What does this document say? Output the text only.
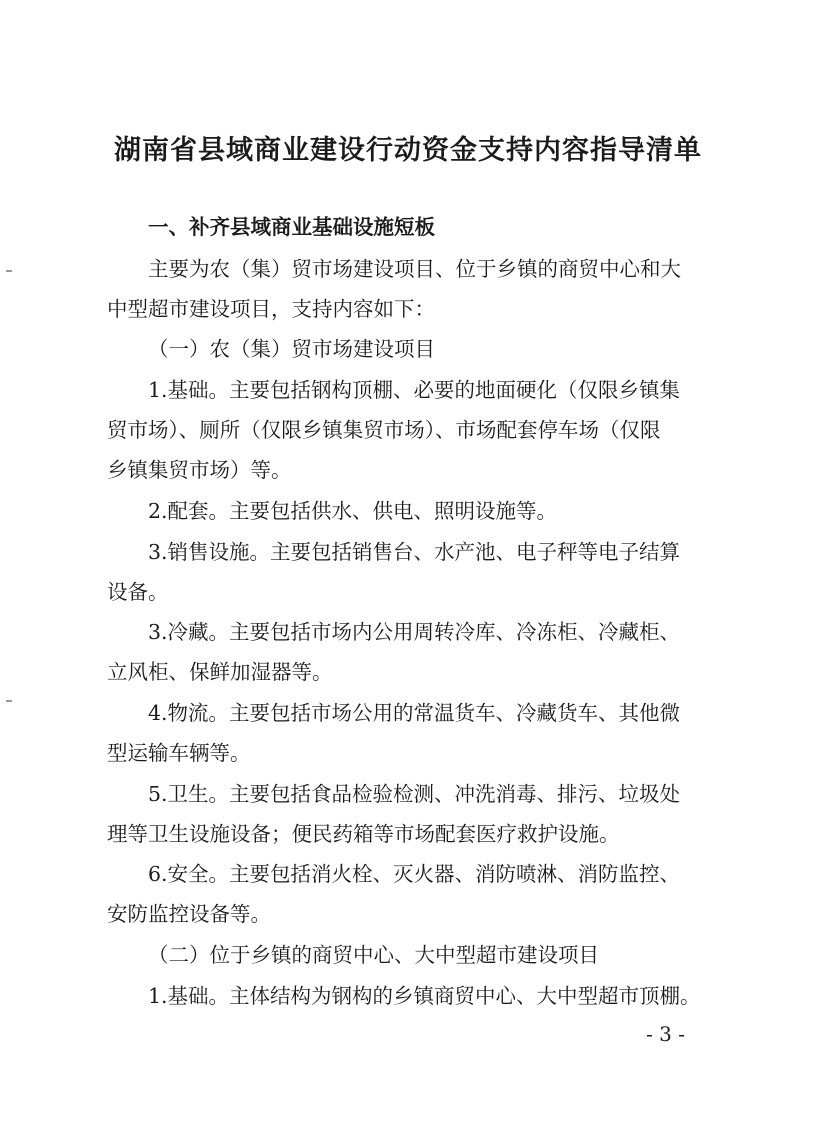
湖南省县域商业建设行动资金支持内容指导清单
一、补齐县域商业基础设施短板
主要为农（集）贸市场建设项目、位于乡镇的商贸中心和大
中型超市建设项目，支持内容如下：
（一）农（集）贸市场建设项目
1.基础。主要包括钢构顶棚、必要的地面硬化（仅限乡镇集
贸市场）、厕所（仅限乡镇集贸市场）、市场配套停车场（仅限
乡镇集贸市场）等。
2.配套。主要包括供水、供电、照明设施等。
3.销售设施。主要包括销售台、水产池、电子秤等电子结算
设备。
3.冷藏。主要包括市场内公用周转冷库、冷冻柜、冷藏柜、
立风柜、保鲜加湿器等。
4.物流。主要包括市场公用的常温货车、冷藏货车、其他微
型运输车辆等。
5.卫生。主要包括食品检验检测、冲洗消毒、排污、垃圾处
理等卫生设施设备；便民药箱等市场配套医疗救护设施。
6.安全。主要包括消火栓、灭火器、消防喷淋、消防监控、
安防监控设备等。
（二）位于乡镇的商贸中心、大中型超市建设项目
1.基础。主体结构为钢构的乡镇商贸中心、大中型超市顶棚。
- 3 -
